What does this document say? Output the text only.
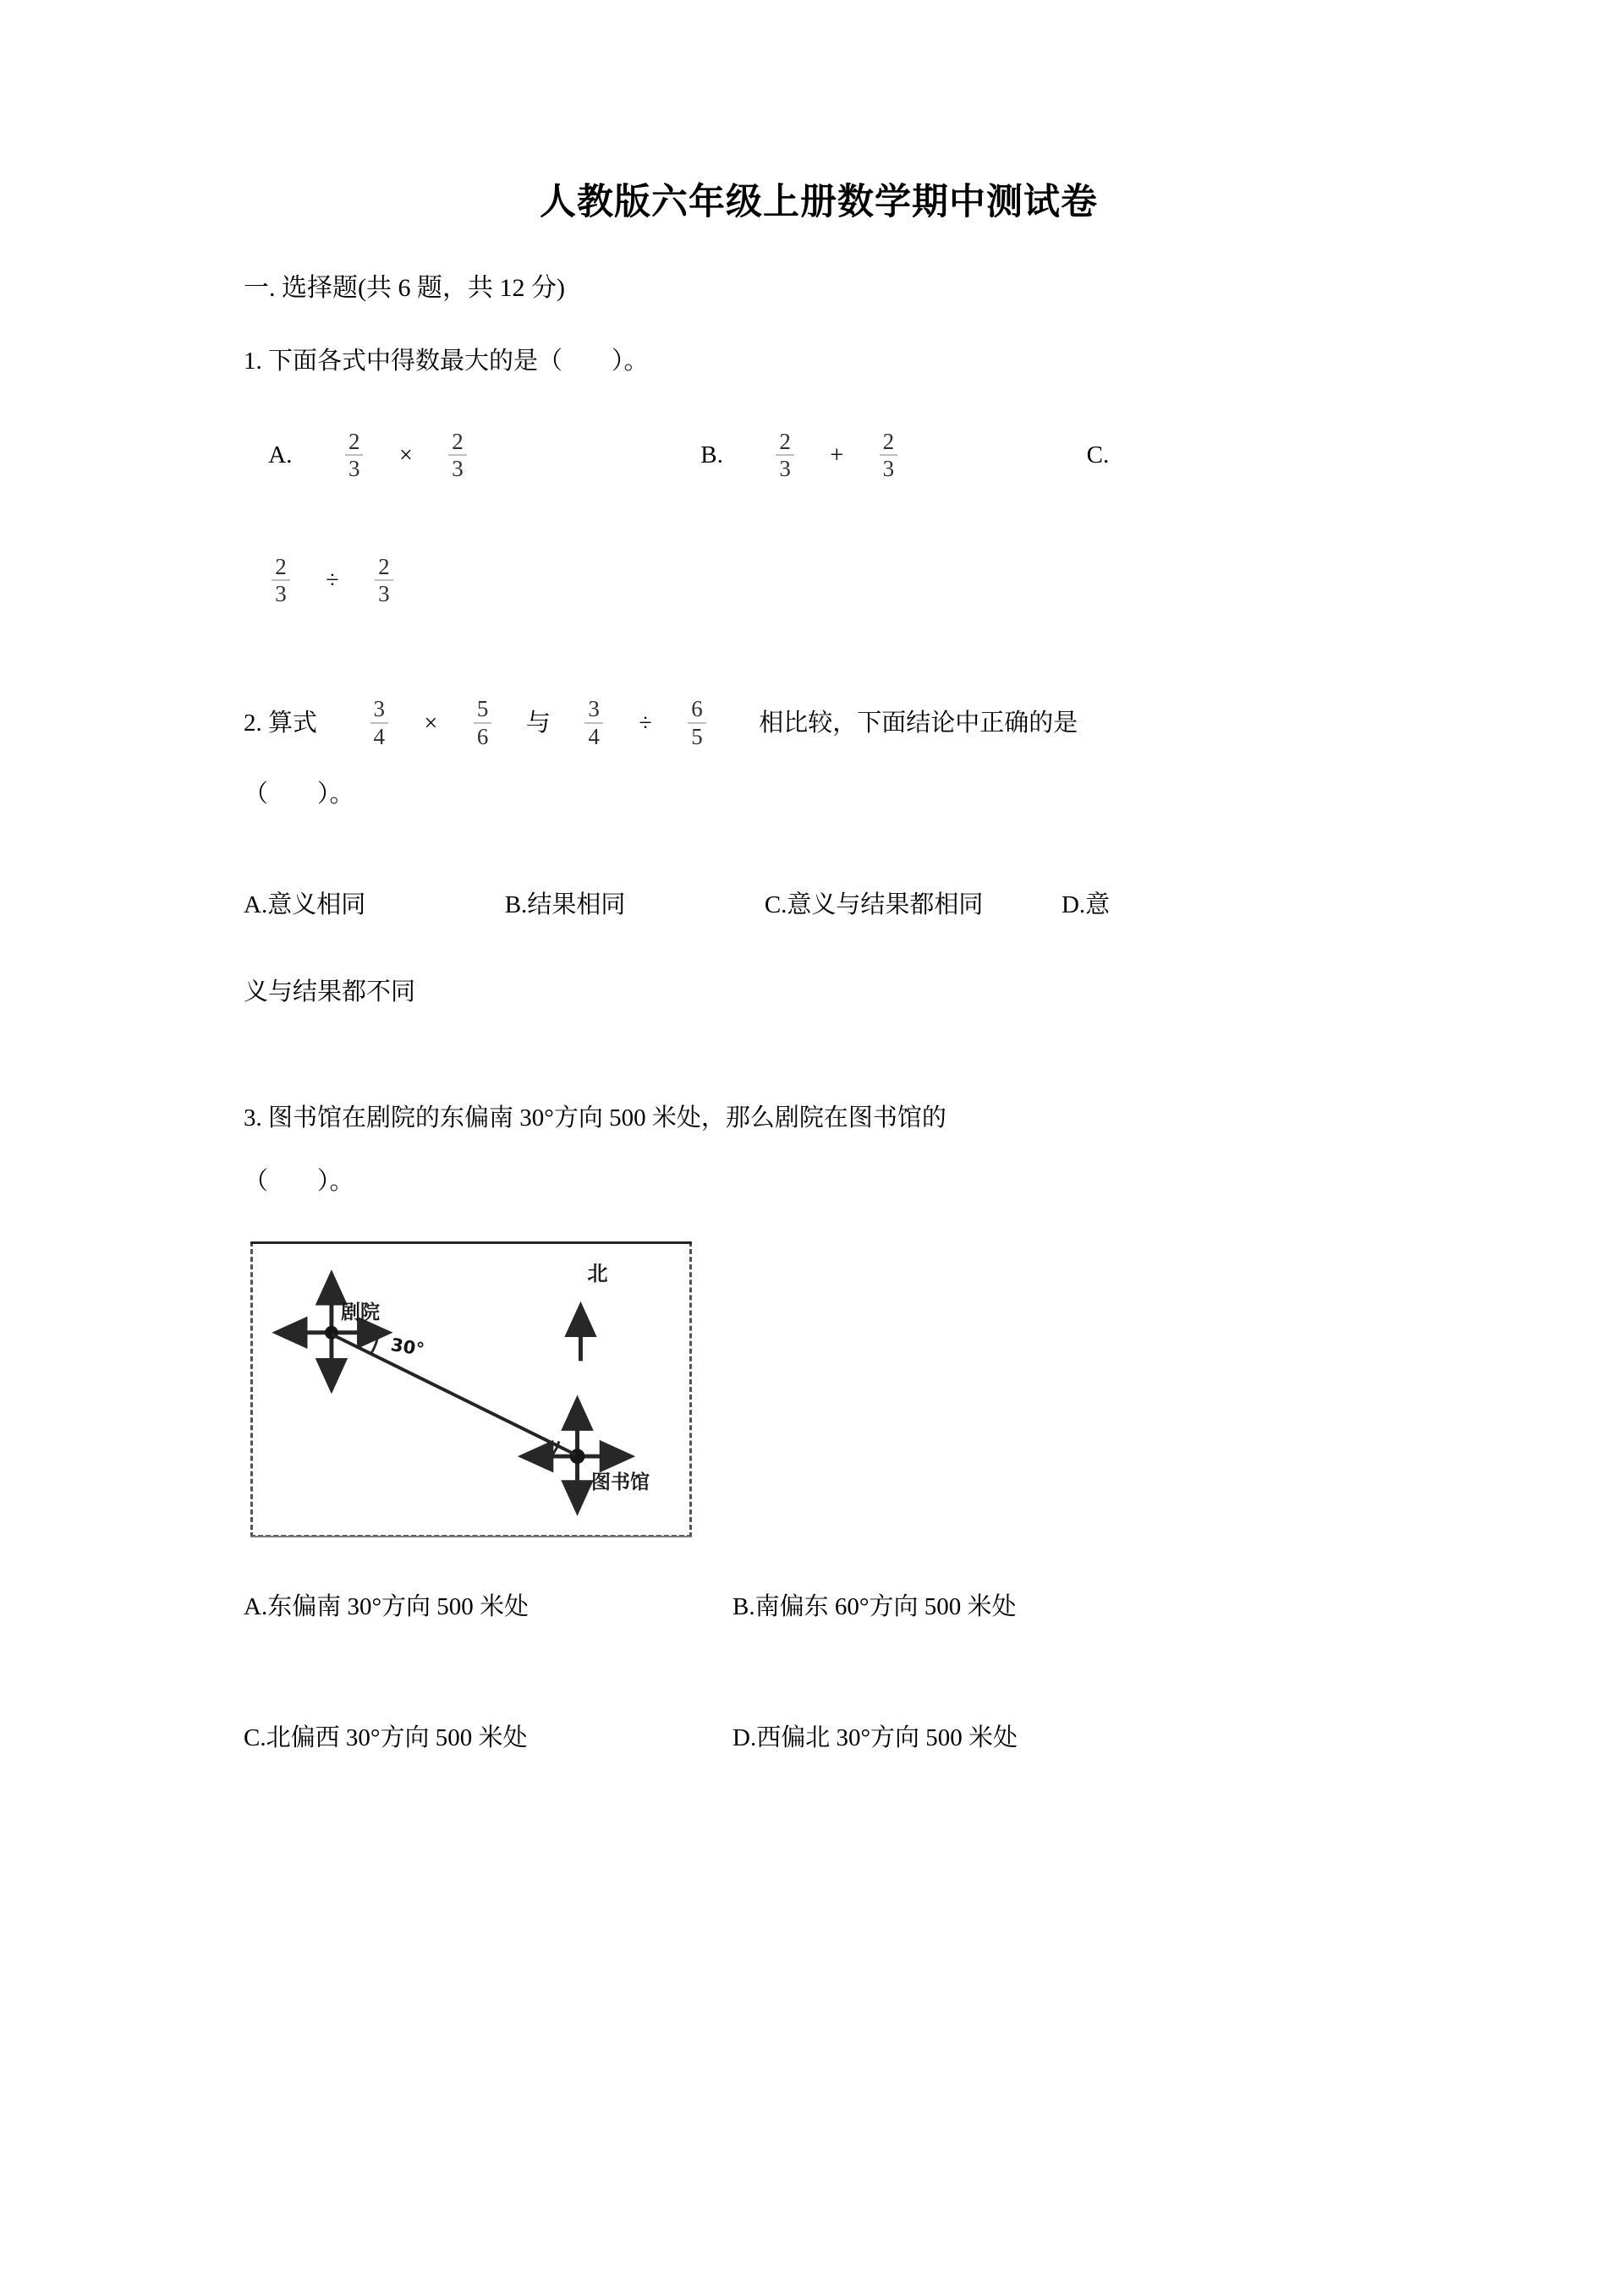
人教版六年级上册数学期中测试卷
一. 选择题(共 6 题，共 12 分)
1. 下面各式中得数最大的是（　　）。
A. $\frac{2}{3} \times \frac{2}{3}$	B. $\frac{2}{3} + \frac{2}{3}$	C.

$\frac{2}{3} \div \frac{2}{3}$
2. 算式 $\frac{3}{4} \times \frac{5}{6}$ 与 $\frac{3}{4} \div \frac{6}{5}$ 相比较，下面结论中正确的是
（　　）。
A.意义相同	B.结果相同	C.意义与结果都相同	D.意
义与结果都不同
3. 图书馆在剧院的东偏南 30°方向 500 米处，那么剧院在图书馆的
（　　）。
剧院
北
图书馆
30°
A.东偏南 30°方向 500 米处	B.南偏东 60°方向 500 米处
C.北偏西 30°方向 500 米处	D.西偏北 30°方向 500 米处
